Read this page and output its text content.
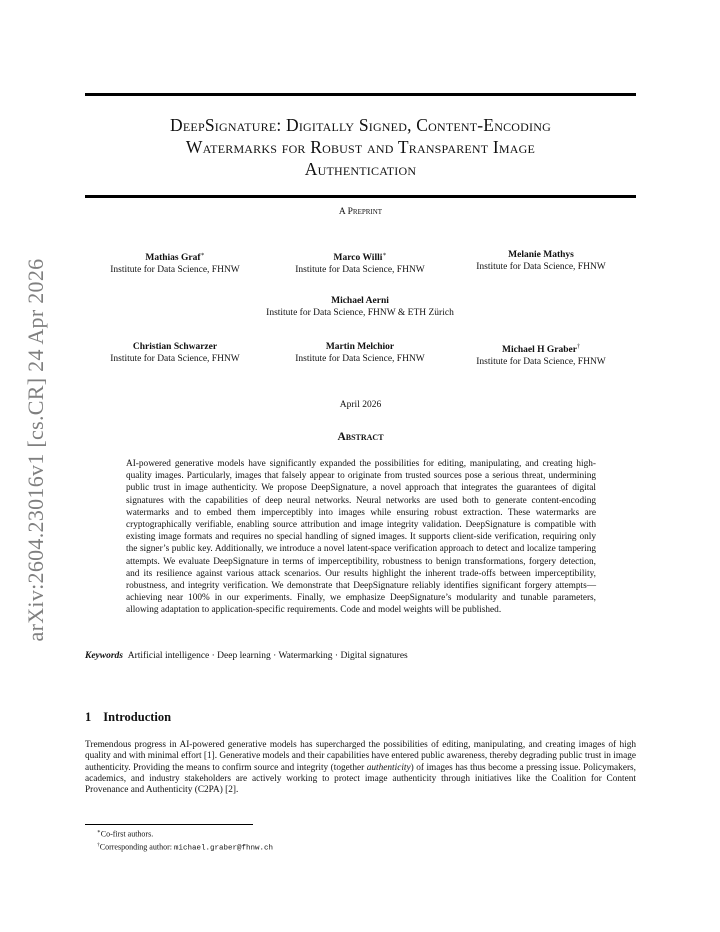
arXiv:2604.23016v1 [cs.CR] 24 Apr 2026
DeepSignature: Digitally Signed, Content-Encoding
Watermarks for Robust and Transparent Image
Authentication
A Preprint
Mathias Graf∗
Institute for Data Science, FHNW
Marco Willi∗
Institute for Data Science, FHNW
Melanie Mathys
Institute for Data Science, FHNW
Michael Aerni
Institute for Data Science, FHNW & ETH Zürich
Christian Schwarzer
Institute for Data Science, FHNW
Martin Melchior
Institute for Data Science, FHNW
Michael H Graber†
Institute for Data Science, FHNW
April 2026
Abstract

AI-powered generative models have significantly expanded the possibilities for editing, manipulating, and creating high-quality images. Particularly, images that falsely appear to originate from trusted sources pose a serious threat, undermining public trust in image authenticity. We propose DeepSignature, a novel approach that integrates the guarantees of digital signatures with the capabilities of deep neural networks. Neural networks are used both to generate content-encoding watermarks and to embed them imperceptibly into images while ensuring robust extraction. These watermarks are cryptographically verifiable, enabling source attribution and image integrity validation. DeepSignature is compatible with existing image formats and requires no special handling of signed images. It supports client-side verification, requiring only the signer’s public key. Additionally, we introduce a novel latent-space verification approach to detect and localize tampering attempts. We evaluate DeepSignature in terms of imperceptibility, robustness to benign transformations, forgery detection, and its resilience against various attack scenarios. Our results highlight the inherent trade-offs between imperceptibility, robustness, and integrity verification. We demonstrate that DeepSignature reliably identifies significant forgery attempts—achieving near 100% in our experiments. Finally, we emphasize DeepSignature’s modularity and tunable parameters, allowing adaptation to application-specific requirements. Code and model weights will be published.

Keywords Artificial intelligence · Deep learning · Watermarking · Digital signatures
1 Introduction

Tremendous progress in AI-powered generative models has supercharged the possibilities of editing, manipulating, and creating images of high quality and with minimal effort [1]. Generative models and their capabilities have entered public awareness, thereby degrading public trust in image authenticity. Providing the means to confirm source and integrity (together authenticity) of images has thus become a pressing issue. Policymakers, academics, and industry stakeholders are actively working to protect image authenticity through initiatives like the Coalition for Content Provenance and Authenticity (C2PA) [2].

∗Co-first authors.
†Corresponding author: michael.graber@fhnw.ch
